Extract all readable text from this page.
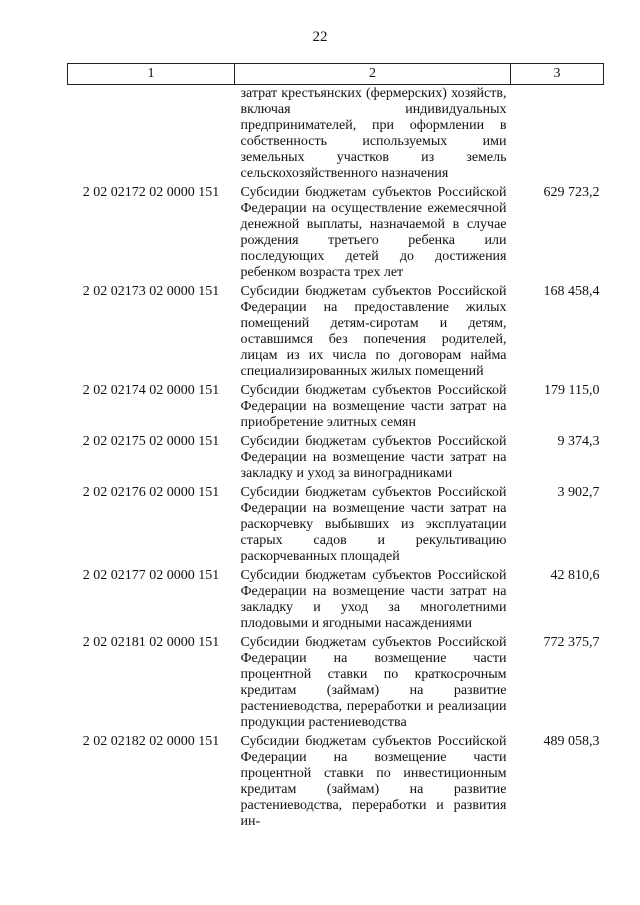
22
1	2	3
	затрат крестьянских (фермерских) хозяйств, включая индивидуальных предпринимателей, при оформлении в собственность используемых ими земельных участков из земель сельскохозяйственного назначения	
2 02 02172 02 0000 151	Субсидии бюджетам субъектов Российской Федерации на осуществление ежемесячной денежной выплаты, назначаемой в случае рождения третьего ребенка или последующих детей до достижения ребенком возраста трех лет	629 723,2
2 02 02173 02 0000 151	Субсидии бюджетам субъектов Российской Федерации на предоставление жилых помещений детям-сиротам и детям, оставшимся без попечения родителей, лицам из их числа по договорам найма специализированных жилых помещений	168 458,4
2 02 02174 02 0000 151	Субсидии бюджетам субъектов Российской Федерации на возмещение части затрат на приобретение элитных семян	179 115,0
2 02 02175 02 0000 151	Субсидии бюджетам субъектов Российской Федерации на возмещение части затрат на закладку и уход за виноградниками	9 374,3
2 02 02176 02 0000 151	Субсидии бюджетам субъектов Российской Федерации на возмещение части затрат на раскорчевку выбывших из эксплуатации старых садов и рекультивацию раскорчеванных площадей	3 902,7
2 02 02177 02 0000 151	Субсидии бюджетам субъектов Российской Федерации на возмещение части затрат на закладку и уход за многолетними плодовыми и ягодными насаждениями	42 810,6
2 02 02181 02 0000 151	Субсидии бюджетам субъектов Российской Федерации на возмещение части процентной ставки по краткосрочным кредитам (займам) на развитие растениеводства, переработки и реализации продукции растениеводства	772 375,7
2 02 02182 02 0000 151	Субсидии бюджетам субъектов Российской Федерации на возмещение части процентной ставки по инвестиционным кредитам (займам) на развитие растениеводства, переработки и развития ин-	489 058,3
